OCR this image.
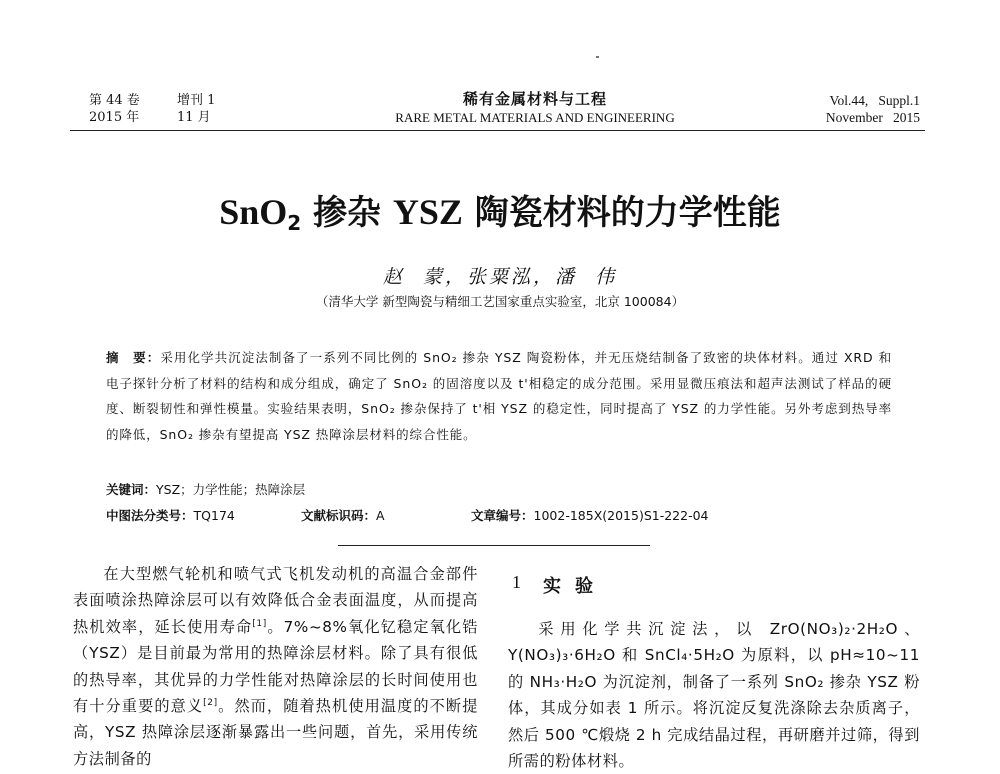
第 44 卷	增刊 1
2015 年	11 月
稀有金属材料与工程
RARE METAL MATERIALS AND ENGINEERING
Vol.44,   Suppl.1
November   2015
SnO$_2$ 掺杂 YSZ 陶瓷材料的力学性能
赵  蒙，张粟泓，潘  伟
（清华大学 新型陶瓷与精细工艺国家重点实验室，北京 100084）
摘　要：采用化学共沉淀法制备了一系列不同比例的 SnO₂ 掺杂 YSZ 陶瓷粉体，并无压烧结制备了致密的块体材料。通过 XRD 和电子探针分析了材料的结构和成分组成，确定了 SnO₂ 的固溶度以及 t'相稳定的成分范围。采用显微压痕法和超声法测试了样品的硬度、断裂韧性和弹性模量。实验结果表明，SnO₂ 掺杂保持了 t'相 YSZ 的稳定性，同时提高了 YSZ 的力学性能。另外考虑到热导率的降低，SnO₂ 掺杂有望提高 YSZ 热障涂层材料的综合性能。
关键词：YSZ；力学性能；热障涂层
中图法分类号：TQ174	文献标识码：A	文章编号：1002-185X(2015)S1-222-04

在大型燃气轮机和喷气式飞机发动机的高温合金部件表面喷涂热障涂层可以有效降低合金表面温度，从而提高热机效率，延长使用寿命[1]。7%~8%氧化钇稳定氧化锆（YSZ）是目前最为常用的热障涂层材料。除了具有很低的热导率，其优异的力学性能对热障涂层的长时间使用也有十分重要的意义[2]。然而，随着热机使用温度的不断提高，YSZ 热障涂层逐渐暴露出一些问题，首先，采用传统方法制备的

1 实验

采用化学共沉淀法，以 ZrO(NO₃)₂·2H₂O、Y(NO₃)₃·6H₂O 和 SnCl₄·5H₂O 为原料，以 pH≈10~11 的 NH₃·H₂O 为沉淀剂，制备了一系列 SnO₂ 掺杂 YSZ 粉体，其成分如表 1 所示。将沉淀反复洗涤除去杂质离子，然后 500 ℃煅烧 2 h 完成结晶过程，再研磨并过筛，得到所需的粉体材料。
